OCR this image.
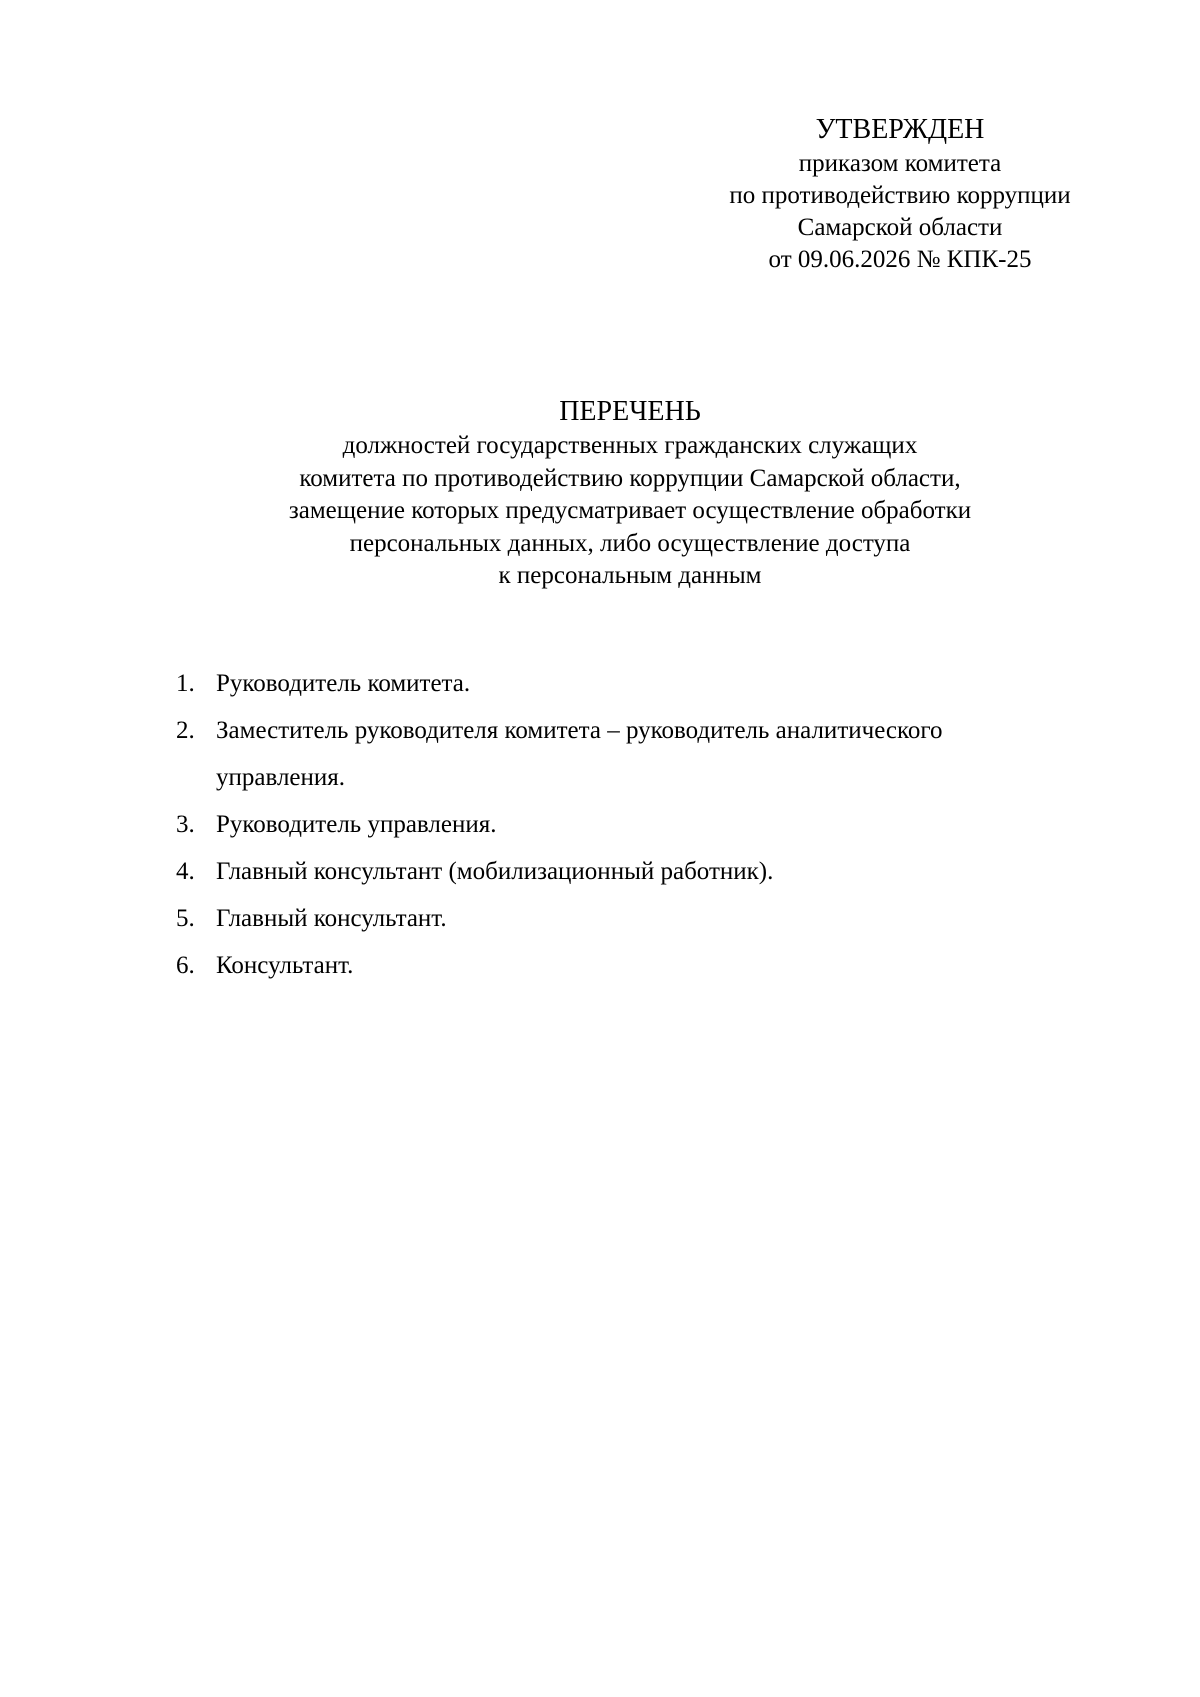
УТВЕРЖДЕН
приказом комитета
по противодействию коррупции
Самарской области
от 09.06.2026 № КПК-25
ПЕРЕЧЕНЬ
должностей государственных гражданских служащих
комитета по противодействию коррупции Самарской области,
замещение которых предусматривает осуществление обработки
персональных данных, либо осуществление доступа
к персональным данным
1. Руководитель комитета.
2. Заместитель руководителя комитета – руководитель аналитического управления.
3. Руководитель управления.
4. Главный консультант (мобилизационный работник).
5. Главный консультант.
6. Консультант.
